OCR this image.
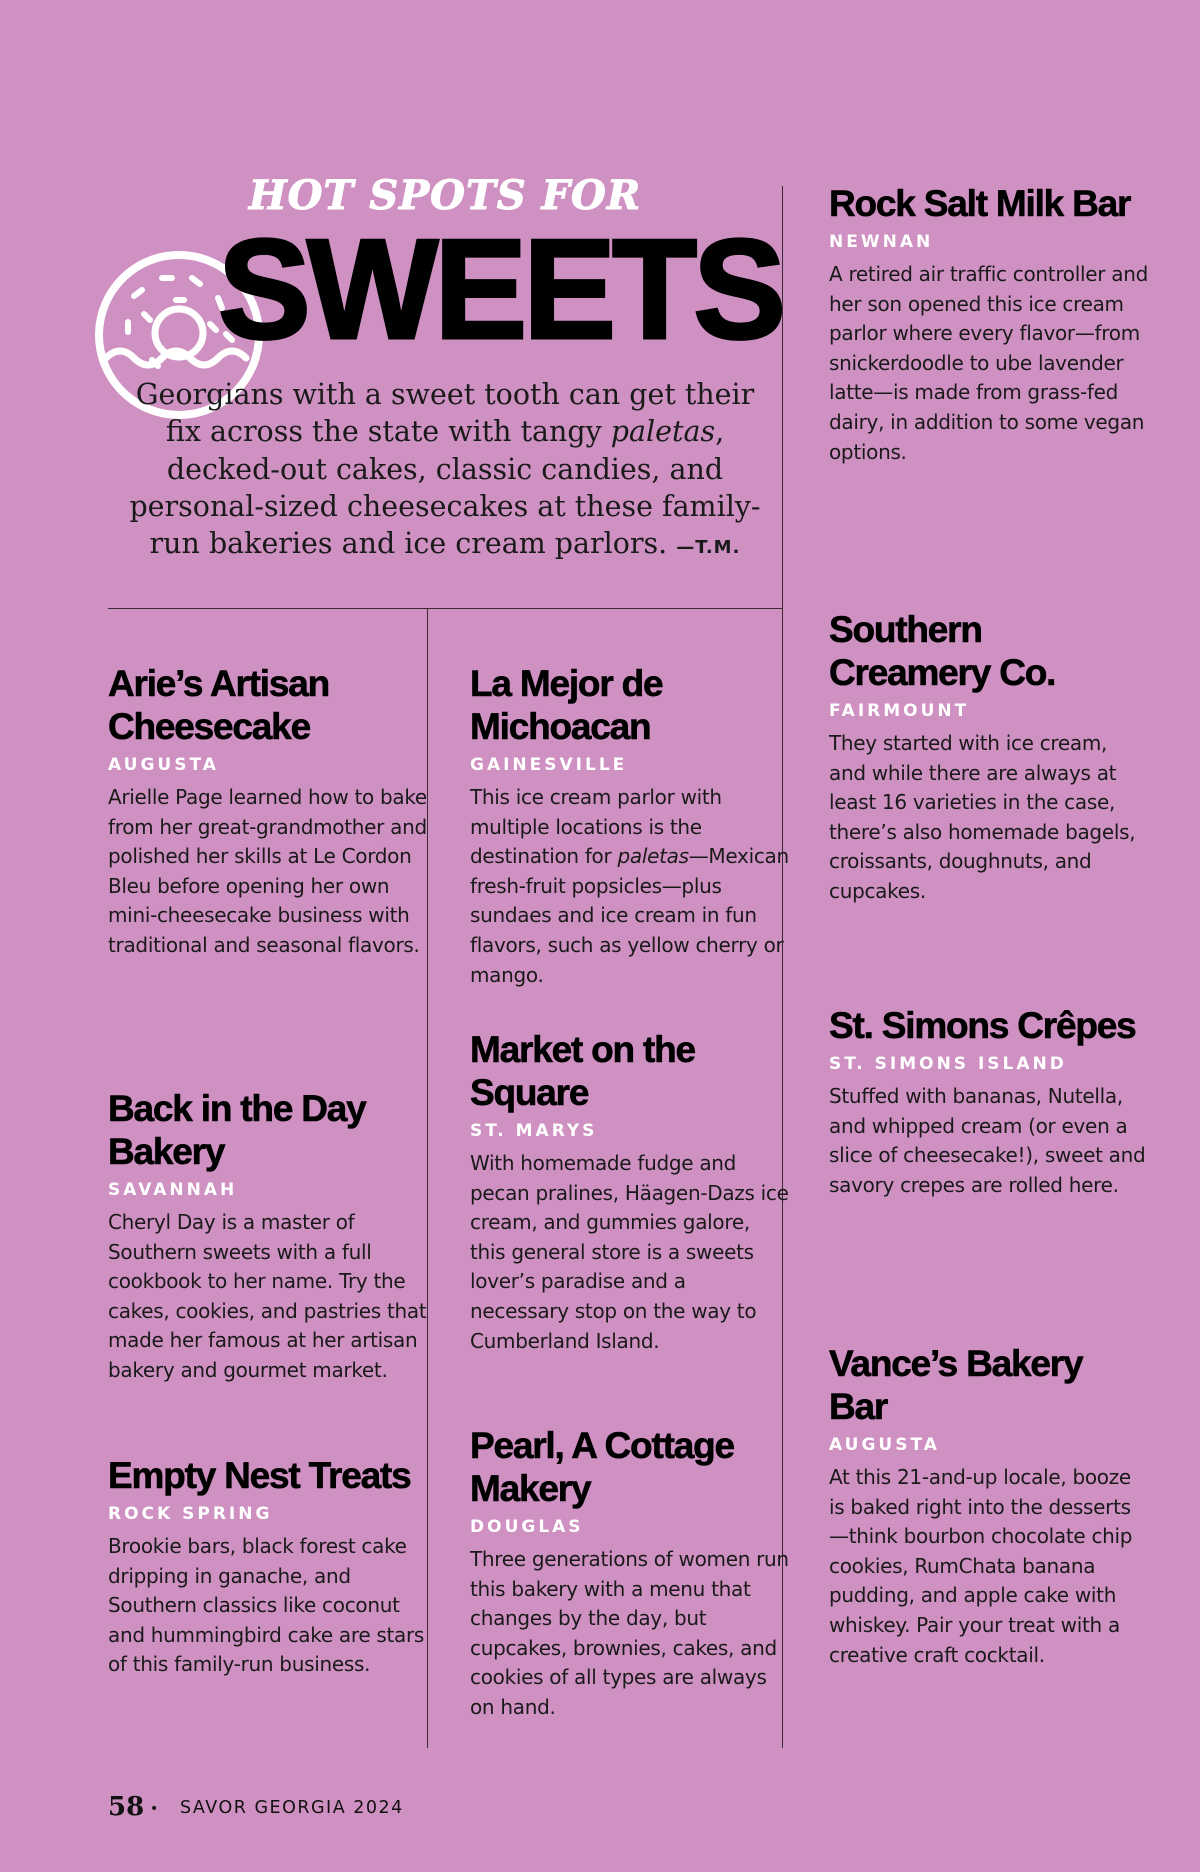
HOT SPOTS FOR
SWEETS
Georgians with a sweet tooth can get their fix across the state with tangy paletas, decked-out cakes, classic candies, and personal-sized cheesecakes at these family-run bakeries and ice cream parlors. —T.M.
Arie’s Artisan Cheesecake
AUGUSTA

Arielle Page learned how to bake from her great-grandmother and polished her skills at Le Cordon Bleu before opening her own mini-cheesecake business with traditional and seasonal flavors.

Back in the Day Bakery
SAVANNAH

Cheryl Day is a master of Southern sweets with a full cookbook to her name. Try the cakes, cookies, and pastries that made her famous at her artisan bakery and gourmet market.

Empty Nest Treats
ROCK SPRING

Brookie bars, black forest cake dripping in ganache, and Southern classics like coconut and hummingbird cake are stars of this family-run business.

La Mejor de Michoacan
GAINESVILLE

This ice cream parlor with multiple locations is the destination for paletas—Mexican fresh-fruit popsicles—plus sundaes and ice cream in fun flavors, such as yellow cherry or mango.

Market on the Square
ST. MARYS

With homemade fudge and pecan pralines, Häagen-Dazs ice cream, and gummies galore, this general store is a sweets lover’s paradise and a necessary stop on the way to Cumberland Island.

Pearl, A Cottage Makery
DOUGLAS

Three generations of women run this bakery with a menu that changes by the day, but cupcakes, brownies, cakes, and cookies of all types are always on hand.

Rock Salt Milk Bar
NEWNAN

A retired air traffic controller and her son opened this ice cream parlor where every flavor—from snickerdoodle to ube lavender latte—is made from grass-fed dairy, in addition to some vegan options.

Southern Creamery Co.
FAIRMOUNT

They started with ice cream, and while there are always at least 16 varieties in the case, there’s also homemade bagels, croissants, doughnuts, and cupcakes.

St. Simons Crêpes
ST. SIMONS ISLAND

Stuffed with bananas, Nutella, and whipped cream (or even a slice of cheesecake!), sweet and savory crepes are rolled here.

Vance’s Bakery Bar
AUGUSTA

At this 21-and-up locale, booze is baked right into the desserts—think bourbon chocolate chip cookies, RumChata banana pudding, and apple cake with whiskey. Pair your treat with a creative craft cocktail.

58 • SAVOR GEORGIA 2024
